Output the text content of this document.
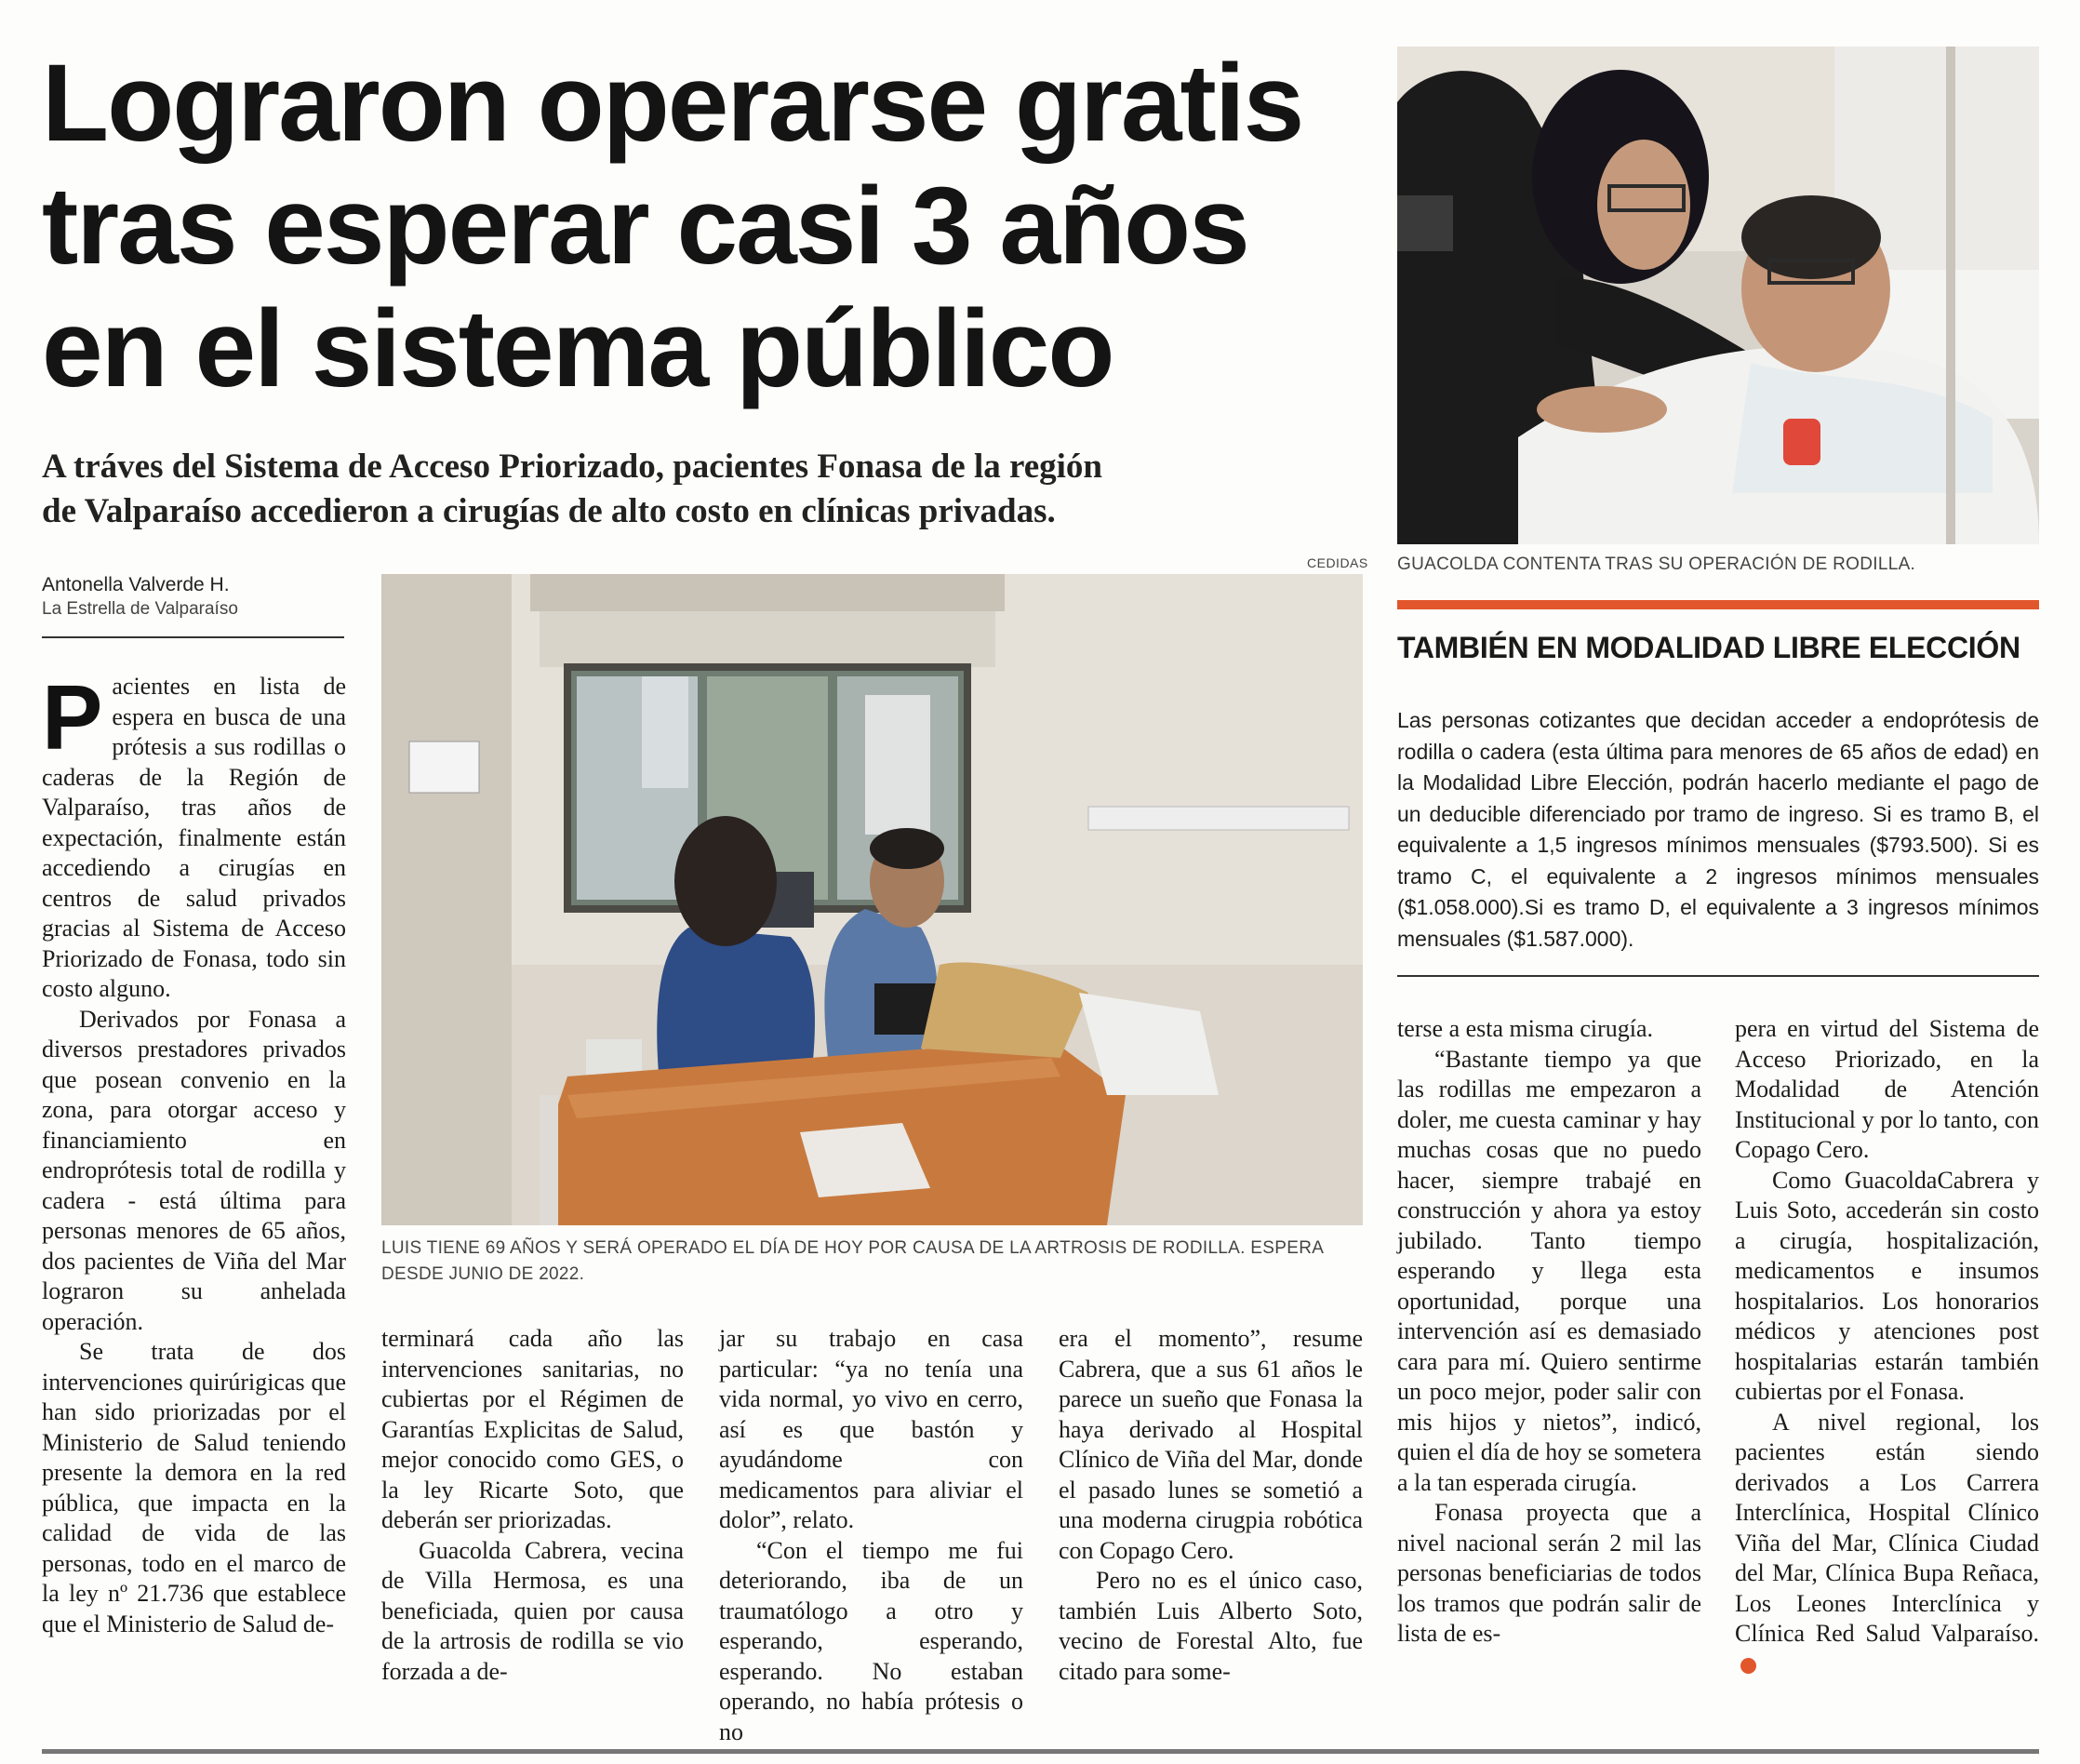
Lograron operarse gratis
tras esperar casi 3 años
en el sistema público
A tráves del Sistema de Acceso Priorizado, pacientes Fonasa de la región
de Valparaíso accedieron a cirugías de alto costo en clínicas privadas.
Antonella Valverde H.
La Estrella de Valparaíso

Pacientes en lista de espera en busca de una prótesis a sus rodillas o caderas de la Región de Valparaíso, tras años de expectación, finalmente están accediendo a cirugías en centros de salud privados gracias al Sistema de Acceso Priorizado de Fonasa, todo sin costo alguno.

Derivados por Fonasa a diversos prestadores privados que posean convenio en la zona, para otorgar acceso y financiamiento en endroprótesis total de rodilla y cadera - está última para personas menores de 65 años, dos pacientes de Viña del Mar lograron su anhelada operación.

Se trata de dos intervenciones quirúrigicas que han sido priorizadas por el Ministerio de Salud teniendo presente la demora en la red pública, que impacta en la calidad de vida de las personas, todo en el marco de la ley nº 21.736 que establece que el Ministerio de Salud de-

CEDIDAS
LUIS TIENE 69 AÑOS Y SERÁ OPERADO EL DÍA DE HOY POR CAUSA DE LA ARTROSIS DE RODILLA. ESPERA DESDE JUNIO DE 2022.

terminará cada año las intervenciones sanitarias, no cubiertas por el Régimen de Garantías Explicitas de Salud, mejor conocido como GES, o la ley Ricarte Soto, que deberán ser priorizadas.

Guacolda Cabrera, vecina de Villa Hermosa, es una beneficiada, quien por causa de la artrosis de rodilla se vio forzada a de-

jar su trabajo en casa particular: “ya no tenía una vida normal, yo vivo en cerro, así es que bastón y ayudándome con medicamentos para aliviar el dolor”, relato.

“Con el tiempo me fui deteriorando, iba de un traumatólogo a otro y esperando, esperando, esperando. No estaban operando, no había prótesis o no

era el momento”, resume Cabrera, que a sus 61 años le parece un sueño que Fonasa la haya derivado al Hospital Clínico de Viña del Mar, donde el pasado lunes se sometió a una moderna cirugpia robótica con Copago Cero.

Pero no es el único caso, también Luis Alberto Soto, vecino de Forestal Alto, fue citado para some-

GUACOLDA CONTENTA TRAS SU OPERACIÓN DE RODILLA.
TAMBIÉN EN MODALIDAD LIBRE ELECCIÓN
Las personas cotizantes que decidan acceder a endoprótesis de rodilla o cadera (esta última para menores de 65 años de edad) en la Modalidad Libre Elección, podrán hacerlo mediante el pago de un deducible diferenciado por tramo de ingreso. Si es tramo B, el equivalente a 1,5 ingresos mínimos mensuales ($793.500). Si es tramo C, el equivalente a 2 ingresos mínimos mensuales ($1.058.000).Si es tramo D, el equivalente a 3 ingresos mínimos mensuales ($1.587.000).

terse a esta misma cirugía.

“Bastante tiempo ya que las rodillas me empezaron a doler, me cuesta caminar y hay muchas cosas que no puedo hacer, siempre trabajé en construcción y ahora ya estoy jubilado. Tanto tiempo esperando y llega esta oportunidad, porque una intervención así es demasiado cara para mí. Quiero sentirme un poco mejor, poder salir con mis hijos y nietos”, indicó, quien el día de hoy se sometera a la tan esperada cirugía.

Fonasa proyecta que a nivel nacional serán 2 mil las personas beneficiarias de todos los tramos que podrán salir de lista de es-

pera en virtud del Sistema de Acceso Priorizado, en la Modalidad de Atención Institucional y por lo tanto, con Copago Cero.

Como GuacoldaCabrera y Luis Soto, accederán sin costo a cirugía, hospitalización, medicamentos e insumos hospitalarios. Los honorarios médicos y atenciones post hospitalarias estarán también cubiertas por el Fonasa.

A nivel regional, los pacientes están siendo derivados a Los Carrera Interclínica, Hospital Clínico Viña del Mar, Clínica Ciudad del Mar, Clínica Bupa Reñaca, Los Leones Interclínica y Clínica Red Salud Valparaíso.
